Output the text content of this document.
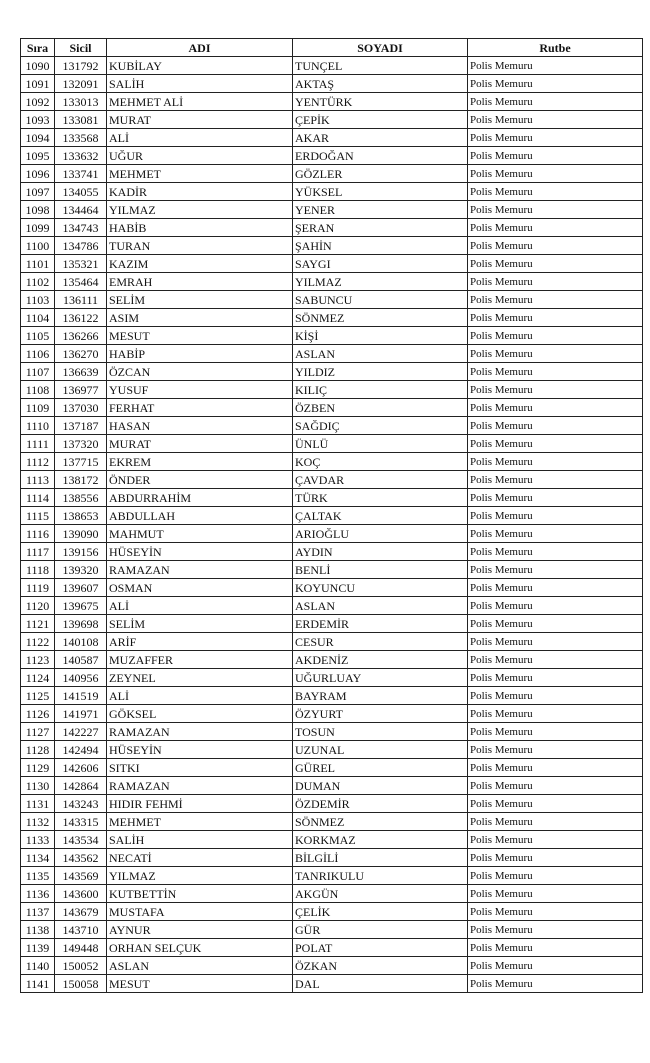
Sıra	Sicil	ADI	SOYADI	Rutbe
1090	131792	KUBİLAY	TUNÇEL	Polis Memuru
1091	132091	SALİH	AKTAŞ	Polis Memuru
1092	133013	MEHMET ALİ	YENTÜRK	Polis Memuru
1093	133081	MURAT	ÇEPİK	Polis Memuru
1094	133568	ALİ	AKAR	Polis Memuru
1095	133632	UĞUR	ERDOĞAN	Polis Memuru
1096	133741	MEHMET	GÖZLER	Polis Memuru
1097	134055	KADİR	YÜKSEL	Polis Memuru
1098	134464	YILMAZ	YENER	Polis Memuru
1099	134743	HABİB	ŞERAN	Polis Memuru
1100	134786	TURAN	ŞAHİN	Polis Memuru
1101	135321	KAZIM	SAYGI	Polis Memuru
1102	135464	EMRAH	YILMAZ	Polis Memuru
1103	136111	SELİM	SABUNCU	Polis Memuru
1104	136122	ASIM	SÖNMEZ	Polis Memuru
1105	136266	MESUT	KİŞİ	Polis Memuru
1106	136270	HABİP	ASLAN	Polis Memuru
1107	136639	ÖZCAN	YILDIZ	Polis Memuru
1108	136977	YUSUF	KILIÇ	Polis Memuru
1109	137030	FERHAT	ÖZBEN	Polis Memuru
1110	137187	HASAN	SAĞDIÇ	Polis Memuru
1111	137320	MURAT	ÜNLÜ	Polis Memuru
1112	137715	EKREM	KOÇ	Polis Memuru
1113	138172	ÖNDER	ÇAVDAR	Polis Memuru
1114	138556	ABDURRAHİM	TÜRK	Polis Memuru
1115	138653	ABDULLAH	ÇALTAK	Polis Memuru
1116	139090	MAHMUT	ARIOĞLU	Polis Memuru
1117	139156	HÜSEYİN	AYDIN	Polis Memuru
1118	139320	RAMAZAN	BENLİ	Polis Memuru
1119	139607	OSMAN	KOYUNCU	Polis Memuru
1120	139675	ALİ	ASLAN	Polis Memuru
1121	139698	SELİM	ERDEMİR	Polis Memuru
1122	140108	ARİF	CESUR	Polis Memuru
1123	140587	MUZAFFER	AKDENİZ	Polis Memuru
1124	140956	ZEYNEL	UĞURLUAY	Polis Memuru
1125	141519	ALİ	BAYRAM	Polis Memuru
1126	141971	GÖKSEL	ÖZYURT	Polis Memuru
1127	142227	RAMAZAN	TOSUN	Polis Memuru
1128	142494	HÜSEYİN	UZUNAL	Polis Memuru
1129	142606	SITKI	GÜREL	Polis Memuru
1130	142864	RAMAZAN	DUMAN	Polis Memuru
1131	143243	HIDIR FEHMİ	ÖZDEMİR	Polis Memuru
1132	143315	MEHMET	SÖNMEZ	Polis Memuru
1133	143534	SALİH	KORKMAZ	Polis Memuru
1134	143562	NECATİ	BİLGİLİ	Polis Memuru
1135	143569	YILMAZ	TANRIKULU	Polis Memuru
1136	143600	KUTBETTİN	AKGÜN	Polis Memuru
1137	143679	MUSTAFA	ÇELİK	Polis Memuru
1138	143710	AYNUR	GÜR	Polis Memuru
1139	149448	ORHAN SELÇUK	POLAT	Polis Memuru
1140	150052	ASLAN	ÖZKAN	Polis Memuru
1141	150058	MESUT	DAL	Polis Memuru
